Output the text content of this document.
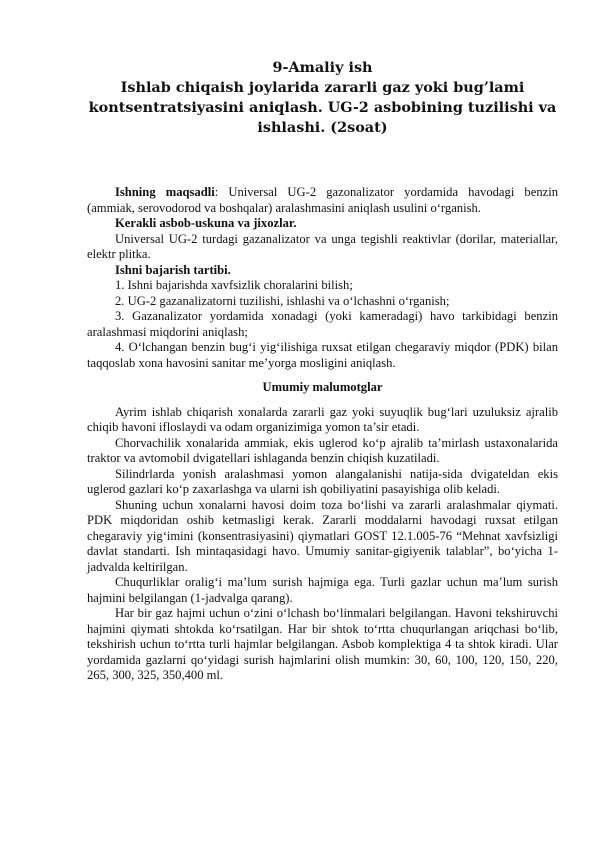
9-Amaliy ish
Ishlab chiqaish joylarida zararli gaz yoki bug’lami
kontsentratsiyasini aniqlash. UG-2 asbobining tuzilishi va
ishlashi. (2soat)

Ishning maqsadli: Universal UG-2 gazonalizator yordamida havodagi benzin (ammiak, serovodorod va boshqalar) aralashmasini aniqlash usulini o‘rganish.

Kerakli asbob-uskuna va jixozlar.

Universal UG-2 turdagi gazanalizator va unga tegishli reaktivlar (dorilar, materiallar, elektr plitka.

Ishni bajarish tartibi.

1. Ishni bajarishda xavfsizlik choralarini bilish;

2. UG-2 gazanalizatorni tuzilishi, ishlashi va o‘lchashni o‘rganish;

3. Gazanalizator yordamida xonadagi (yoki kameradagi) havo tarkibidagi benzin aralashmasi miqdorini aniqlash;

4. O‘lchangan benzin bug‘i yig‘ilishiga ruxsat etilgan chegaraviy miqdor (PDK) bilan taqqoslab xona havosini sanitar me’yorga mosligini aniqlash.

Umumiy malumotglar

Ayrim ishlab chiqarish xonalarda zararli gaz yoki suyuqlik bug‘lari uzuluksiz ajralib chiqib havoni ifloslaydi va odam organizimiga yomon ta’sir etadi.

Chorvachilik xonalarida ammiak, ekis uglerod ko‘p ajralib ta’mirlash ustaxonalarida traktor va avtomobil dvigatellari ishlaganda benzin chiqish kuzatiladi.

Silindrlarda yonish aralashmasi yomon alangalanishi natija-sida dvigateldan ekis uglerod gazlari ko‘p zaxarlashga va ularni ish qobiliyatini pasayishiga olib keladi.

Shuning uchun xonalarni havosi doim toza bo‘lishi va zararli aralashmalar qiymati. PDK miqdoridan oshib ketmasligi kerak. Zararli moddalarni havodagi ruxsat etilgan chegaraviy yig‘imini (konsentrasiyasini) qiymatlari GOST 12.1.005-76 “Mehnat xavfsizligi davlat standarti. Ish mintaqasidagi havo. Umumiy sanitar-gigiyenik talablar”, bo‘yicha 1-jadvalda keltirilgan.

Chuqurliklar oralig‘i ma’lum surish hajmiga ega. Turli gazlar uchun ma’lum surish hajmini belgilangan (1-jadvalga qarang).

Har bir gaz hajmi uchun o‘zini o‘lchash bo‘linmalari belgilangan. Havoni tekshiruvchi hajmini qiymati shtokda ko‘rsatilgan. Har bir shtok to‘rtta chuqurlangan ariqchasi bo‘lib, tekshirish uchun to‘rtta turli hajmlar belgilangan. Asbob komplektiga 4 ta shtok kiradi. Ular yordamida gazlarni qo‘yidagi surish hajmlarini olish mumkin: 30, 60, 100, 120, 150, 220, 265, 300, 325, 350,400 ml.
